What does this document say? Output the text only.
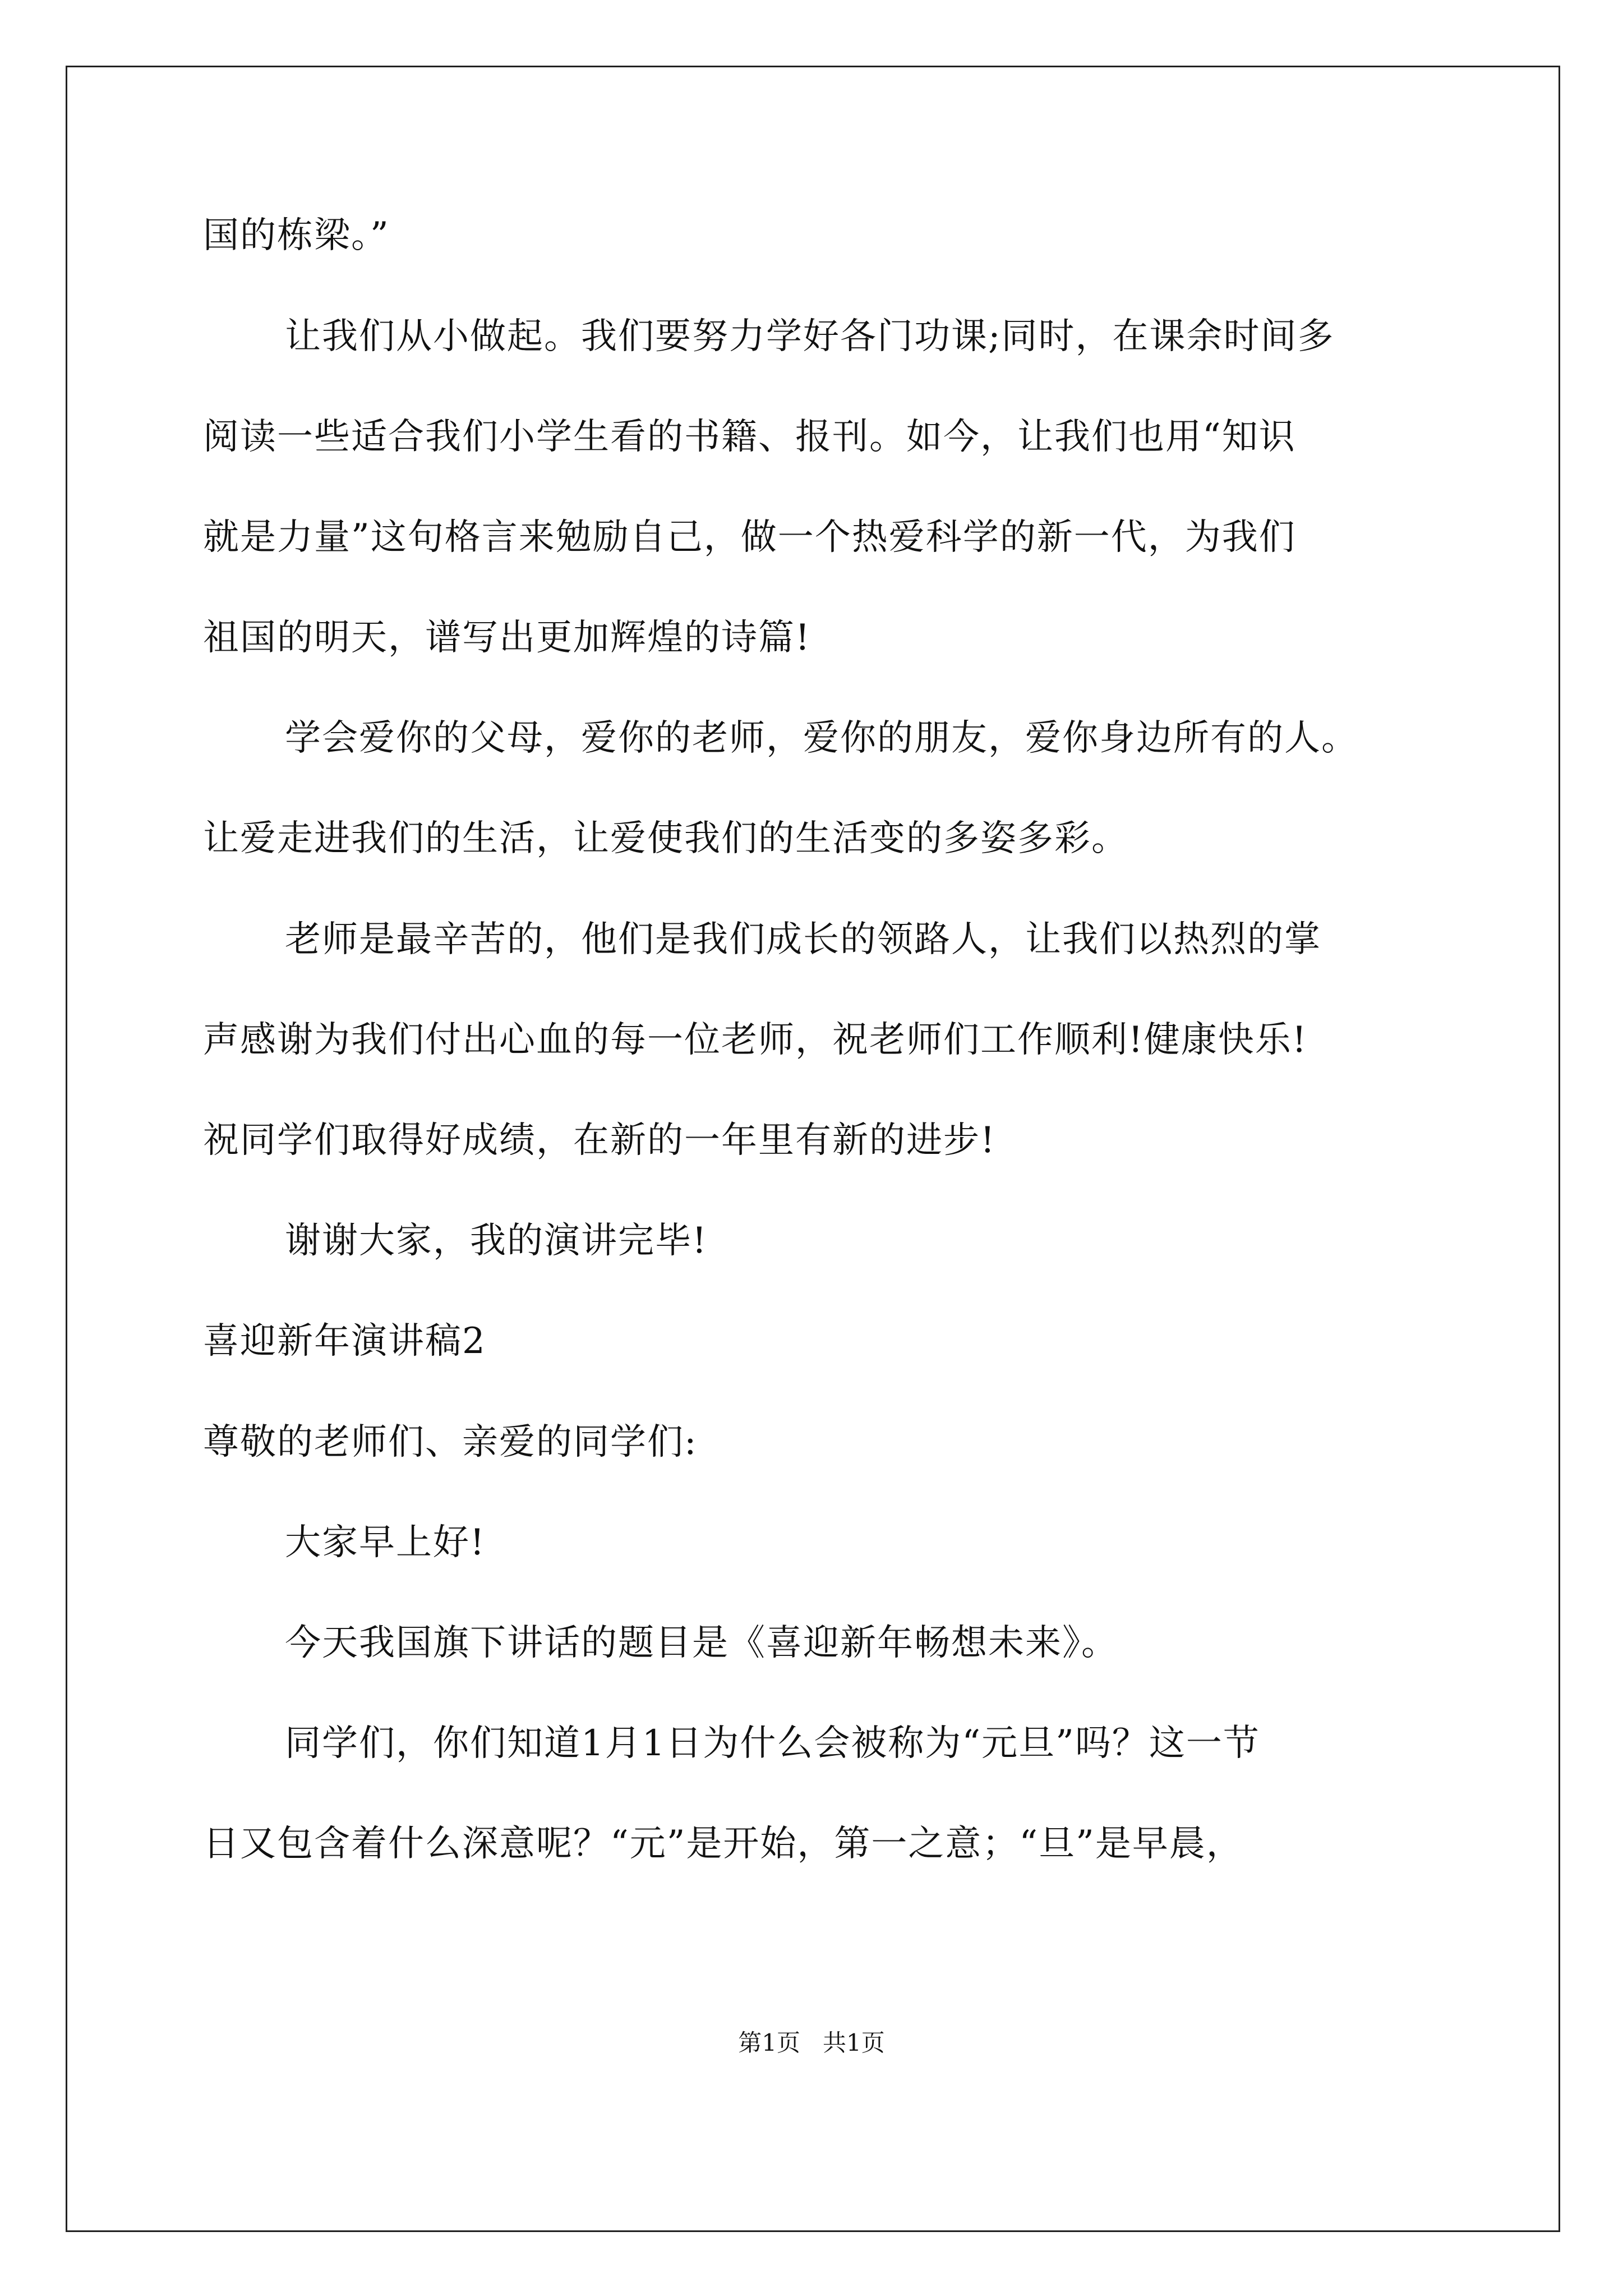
国的栋梁。”
让我们从小做起。我们要努力学好各门功课;同时，在课余时间多
阅读一些适合我们小学生看的书籍、报刊。如今，让我们也用“知识
就是力量”这句格言来勉励自己，做一个热爱科学的新一代，为我们
祖国的明天，谱写出更加辉煌的诗篇!
学会爱你的父母，爱你的老师，爱你的朋友，爱你身边所有的人。
让爱走进我们的生活，让爱使我们的生活变的多姿多彩。
老师是最辛苦的，他们是我们成长的领路人，让我们以热烈的掌
声感谢为我们付出心血的每一位老师，祝老师们工作顺利!健康快乐!
祝同学们取得好成绩，在新的一年里有新的进步!
谢谢大家，我的演讲完毕!
喜迎新年演讲稿2
尊敬的老师们、亲爱的同学们:
大家早上好!
今天我国旗下讲话的题目是《喜迎新年畅想未来》。
同学们，你们知道1月1日为什么会被称为“元旦”吗？这一节
日又包含着什么深意呢？“元”是开始，第一之意；“旦”是早晨，
第1页   共1页
